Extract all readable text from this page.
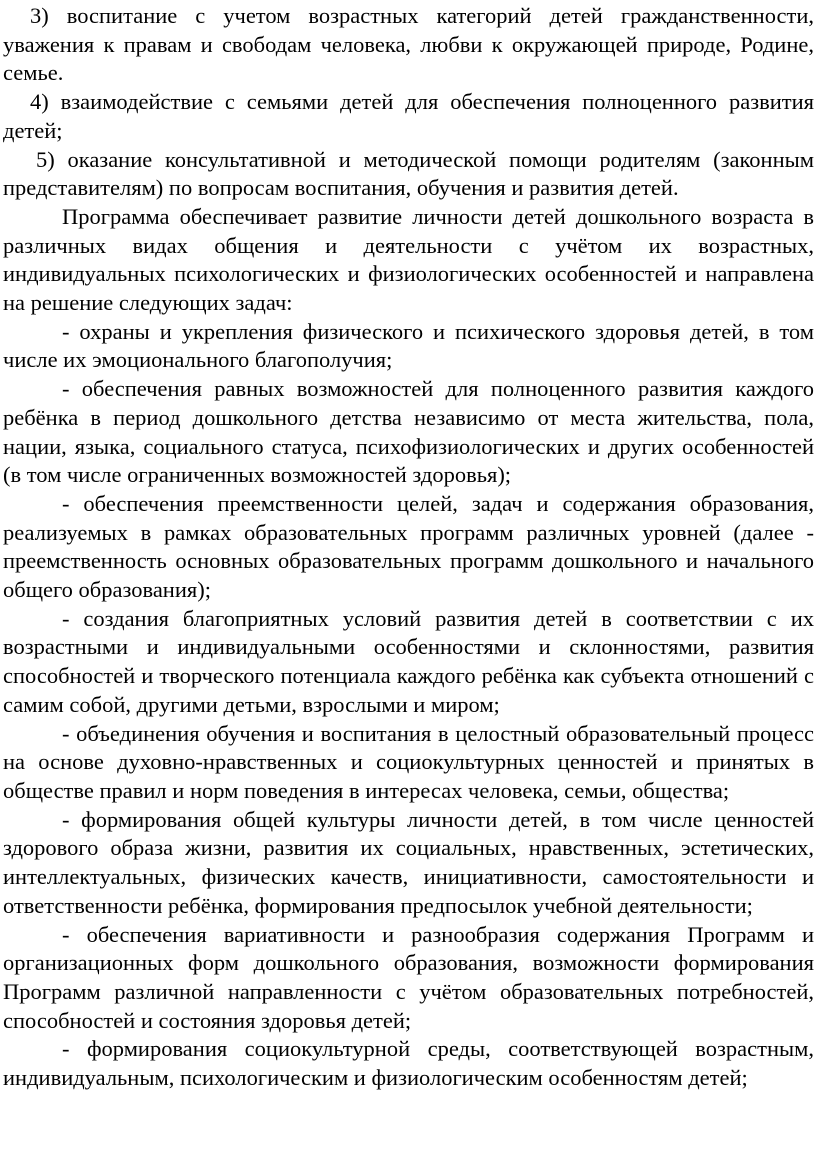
3) воспитание с учетом возрастных категорий детей гражданственности, уважения к правам и свободам человека, любви к окружающей природе, Родине, семье.

4) взаимодействие с семьями детей для обеспечения полноценного развития детей;

5) оказание консультативной и методической помощи родителям (законным представителям) по вопросам воспитания, обучения и развития детей.

Программа обеспечивает развитие личности детей дошкольного возраста в различных видах общения и деятельности с учётом их возрастных, индивидуальных психологических и физиологических особенностей и направлена на решение следующих задач:

- охраны и укрепления физического и психического здоровья детей, в том числе их эмоционального благополучия;

- обеспечения равных возможностей для полноценного развития каждого ребёнка в период дошкольного детства независимо от места жительства, пола, нации, языка, социального статуса, психофизиологических и других особенностей (в том числе ограниченных возможностей здоровья);

- обеспечения преемственности целей, задач и содержания образования, реализуемых в рамках образовательных программ различных уровней (далее - преемственность основных образовательных программ дошкольного и начального общего образования);

- создания благоприятных условий развития детей в соответствии с их возрастными и индивидуальными особенностями и склонностями, развития способностей и творческого потенциала каждого ребёнка как субъекта отношений с самим собой, другими детьми, взрослыми и миром;

- объединения обучения и воспитания в целостный образовательный процесс на основе духовно-нравственных и социокультурных ценностей и принятых в обществе правил и норм поведения в интересах человека, семьи, общества;

- формирования общей культуры личности детей, в том числе ценностей здорового образа жизни, развития их социальных, нравственных, эстетических, интеллектуальных, физических качеств, инициативности, самостоятельности и ответственности ребёнка, формирования предпосылок учебной деятельности;

- обеспечения вариативности и разнообразия содержания Программ и организационных форм дошкольного образования, возможности формирования Программ различной направленности с учётом образовательных потребностей, способностей и состояния здоровья детей;

- формирования социокультурной среды, соответствующей возрастным, индивидуальным, психологическим и физиологическим особенностям детей;
